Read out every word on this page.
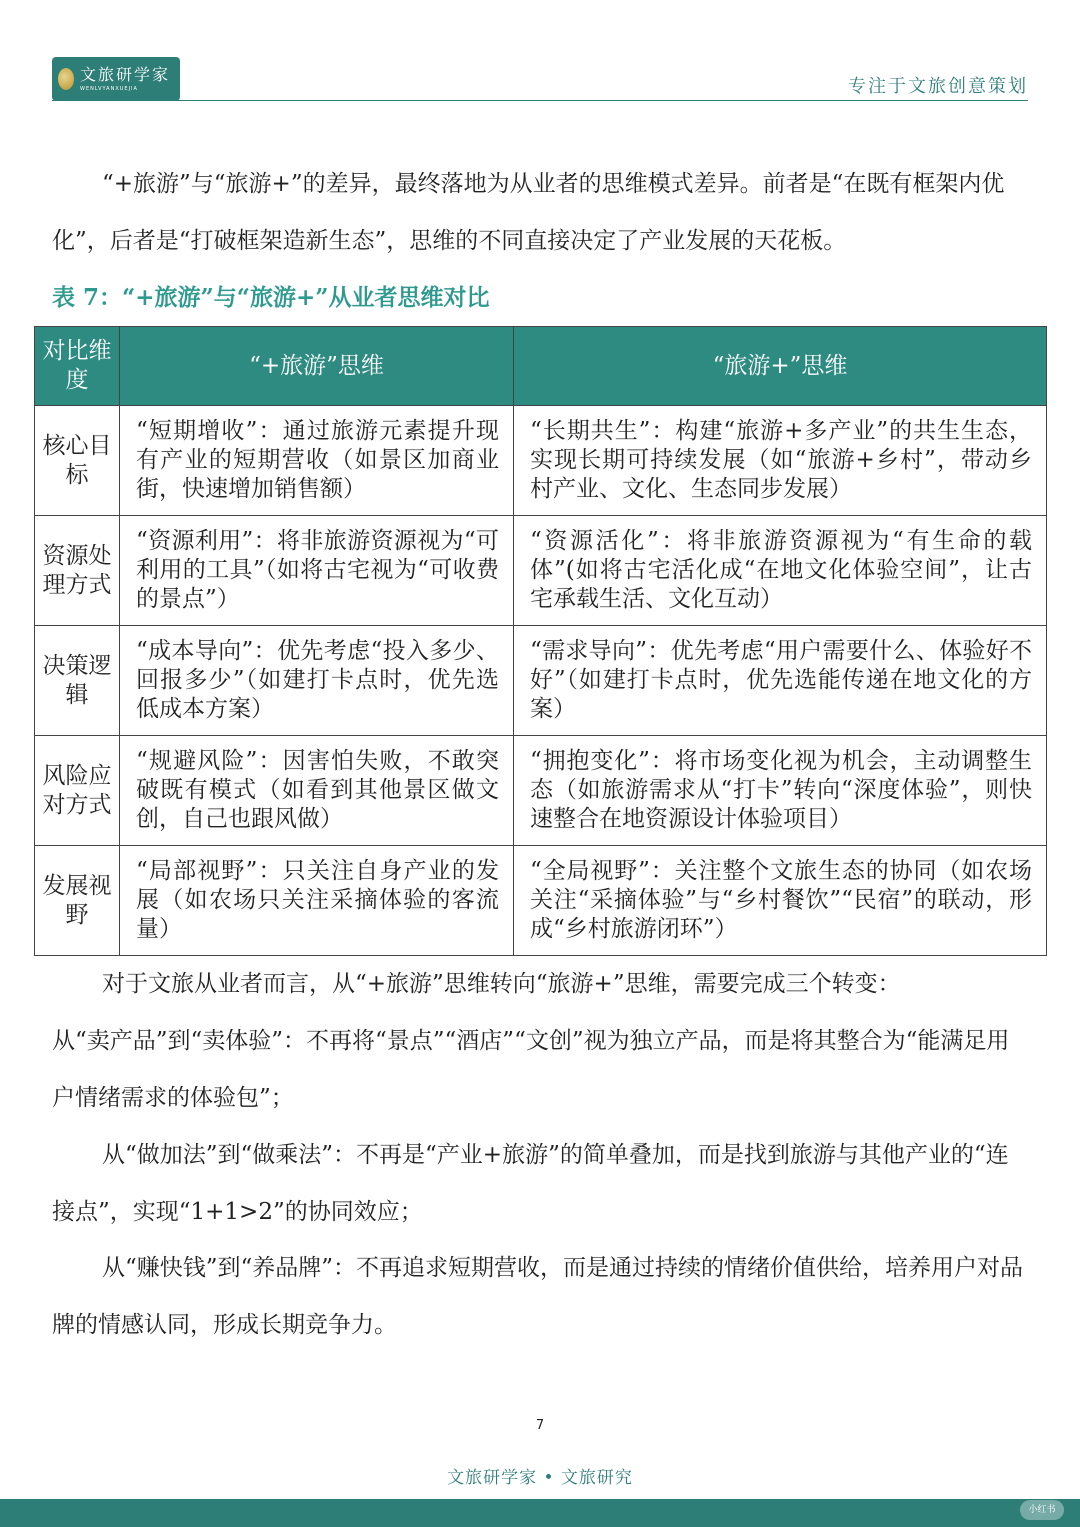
文旅研学家
WENLVYANXUEJIA	专注于文旅创意策划

“+旅游”与“旅游+”的差异，最终落地为从业者的思维模式差异。前者是“在既有框架内优化”，后者是“打破框架造新生态”，思维的不同直接决定了产业发展的天花板。

表 7：“+旅游”与“旅游+”从业者思维对比

对比维度	“+旅游”思维	“旅游+”思维
核心目标	“短期增收”：通过旅游元素提升现有产业的短期营收（如景区加商业街，快速增加销售额）	“长期共生”：构建“旅游+多产业”的共生生态，实现长期可持续发展（如“旅游+乡村”，带动乡村产业、文化、生态同步发展）
资源处理方式	“资源利用”：将非旅游资源视为“可利用的工具”（如将古宅视为“可收费的景点”）	“资源活化”：将非旅游资源视为“有生命的载体”(如将古宅活化成“在地文化体验空间”，让古宅承载生活、文化互动）
决策逻辑	“成本导向”：优先考虑“投入多少、回报多少”（如建打卡点时，优先选低成本方案）	“需求导向”：优先考虑“用户需要什么、体验好不好”（如建打卡点时，优先选能传递在地文化的方案）
风险应对方式	“规避风险”：因害怕失败，不敢突破既有模式（如看到其他景区做文创，自己也跟风做）	“拥抱变化”：将市场变化视为机会，主动调整生态（如旅游需求从“打卡”转向“深度体验”，则快速整合在地资源设计体验项目）
发展视野	“局部视野”：只关注自身产业的发展（如农场只关注采摘体验的客流量）	“全局视野”：关注整个文旅生态的协同（如农场关注“采摘体验”与“乡村餐饮”“民宿”的联动，形成“乡村旅游闭环”）

对于文旅从业者而言，从“+旅游”思维转向“旅游+”思维，需要完成三个转变：

从“卖产品”到“卖体验”：不再将“景点”“酒店”“文创”视为独立产品，而是将其整合为“能满足用户情绪需求的体验包”；

从“做加法”到“做乘法”：不再是“产业+旅游”的简单叠加，而是找到旅游与其他产业的“连接点”，实现“1+1>2”的协同效应；

从“赚快钱”到“养品牌”：不再追求短期营收，而是通过持续的情绪价值供给，培养用户对品牌的情感认同，形成长期竞争力。

7
文旅研学家 • 文旅研究
小红书
